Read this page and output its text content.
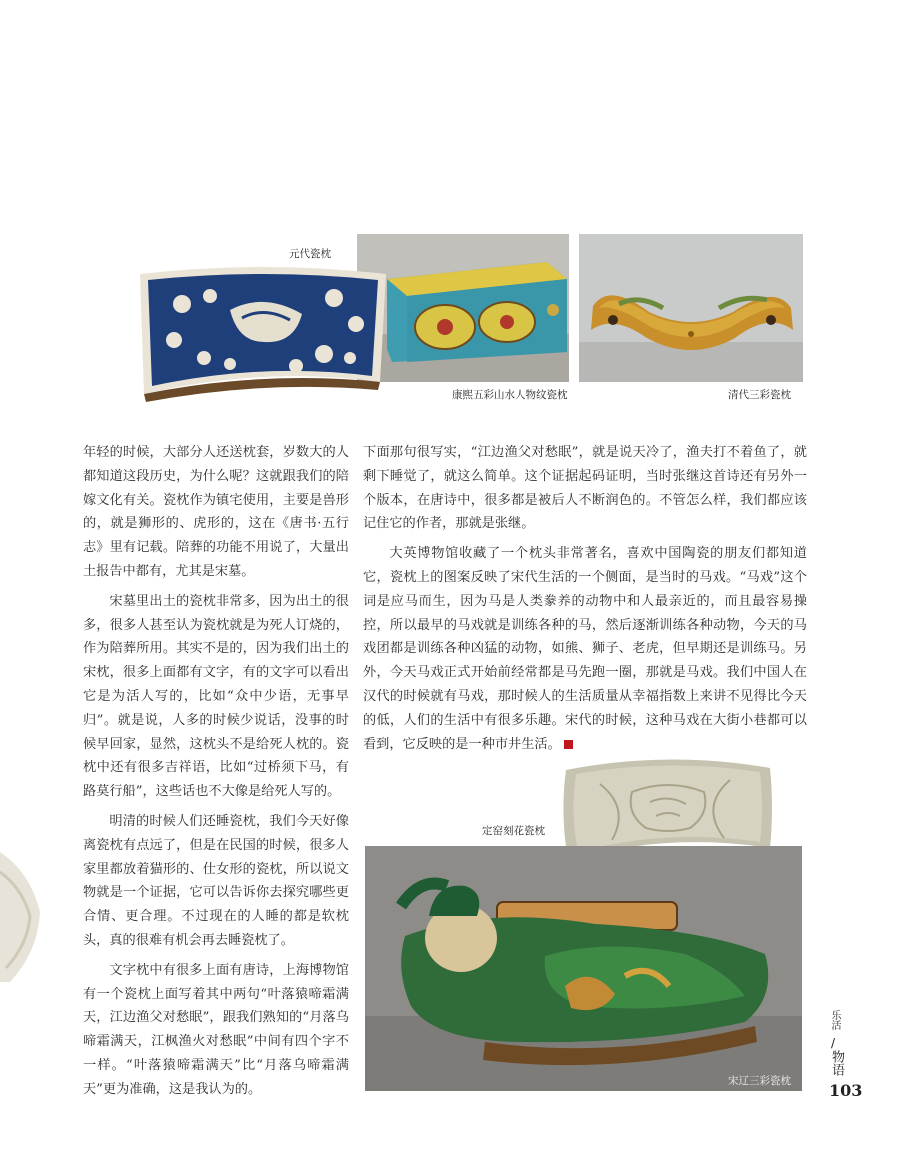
元代瓷枕
康熙五彩山水人物纹瓷枕	清代三彩瓷枕
定窑刻花瓷枕
宋辽三彩瓷枕

年轻的时候，大部分人还送枕套，岁数大的人都知道这段历史，为什么呢？这就跟我们的陪嫁文化有关。瓷枕作为镇宅使用，主要是兽形的，就是狮形的、虎形的，这在《唐书·五行志》里有记载。陪葬的功能不用说了，大量出土报告中都有，尤其是宋墓。

宋墓里出土的瓷枕非常多，因为出土的很多，很多人甚至认为瓷枕就是为死人订烧的，作为陪葬所用。其实不是的，因为我们出土的宋枕，很多上面都有文字，有的文字可以看出它是为活人写的，比如“众中少语，无事早归”。就是说，人多的时候少说话，没事的时候早回家，显然，这枕头不是给死人枕的。瓷枕中还有很多吉祥语，比如“过桥须下马，有路莫行船”，这些话也不大像是给死人写的。

明清的时候人们还睡瓷枕，我们今天好像离瓷枕有点远了，但是在民国的时候，很多人家里都放着猫形的、仕女形的瓷枕，所以说文物就是一个证据，它可以告诉你去探究哪些更合情、更合理。不过现在的人睡的都是软枕头，真的很难有机会再去睡瓷枕了。

文字枕中有很多上面有唐诗，上海博物馆有一个瓷枕上面写着其中两句“叶落猿啼霜满天，江边渔父对愁眠”，跟我们熟知的“月落乌啼霜满天，江枫渔火对愁眠”中间有四个字不一样。“叶落猿啼霜满天”比“月落乌啼霜满天”更为准确，这是我认为的。

下面那句很写实，“江边渔父对愁眠”，就是说天冷了，渔夫打不着鱼了，就剩下睡觉了，就这么简单。这个证据起码证明，当时张继这首诗还有另外一个版本，在唐诗中，很多都是被后人不断润色的。不管怎么样，我们都应该记住它的作者，那就是张继。

大英博物馆收藏了一个枕头非常著名，喜欢中国陶瓷的朋友们都知道它，瓷枕上的图案反映了宋代生活的一个侧面，是当时的马戏。“马戏”这个词是应马而生，因为马是人类豢养的动物中和人最亲近的，而且最容易操控，所以最早的马戏就是训练各种的马，然后逐渐训练各种动物，今天的马戏团都是训练各种凶猛的动物，如熊、狮子、老虎，但早期还是训练马。另外，今天马戏正式开始前经常都是马先跑一圈，那就是马戏。我们中国人在汉代的时候就有马戏，那时候人的生活质量从幸福指数上来讲不见得比今天的低，人们的生活中有很多乐趣。宋代的时候，这种马戏在大街小巷都可以看到，它反映的是一种市井生活。

乐活
/
物语
103
